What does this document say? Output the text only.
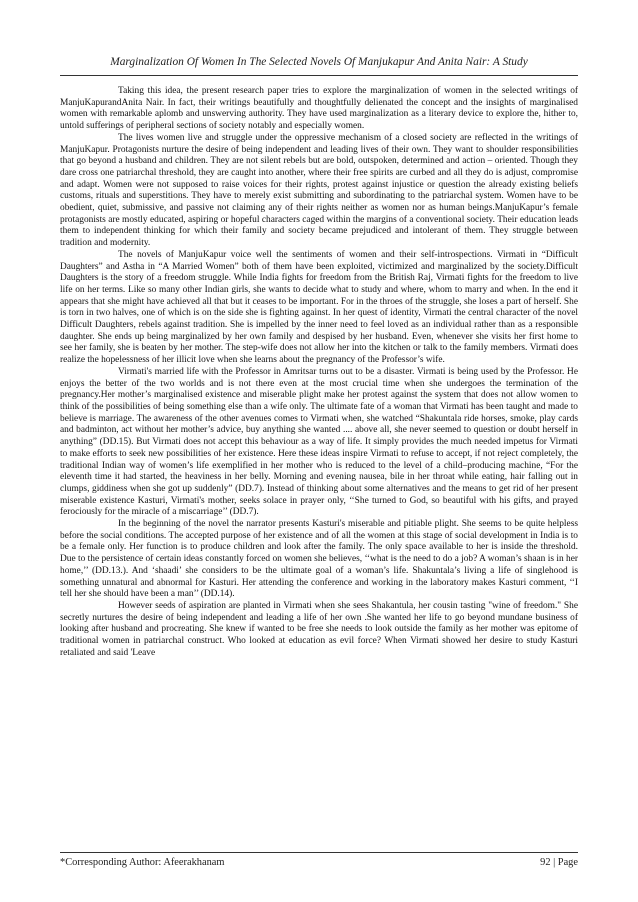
Marginalization Of Women In The Selected Novels Of Manjukapur And Anita Nair: A Study

Taking this idea, the present research paper tries to explore the marginalization of women in the selected writings of ManjuKapurandAnita Nair. In fact, their writings beautifully and thoughtfully delienated the concept and the insights of marginalised women with remarkable aplomb and unswerving authority. They have used marginalization as a literary device to explore the, hither to, untold sufferings of peripheral sections of society notably and especially women.

The lives women live and struggle under the oppressive mechanism of a closed society are reflected in the writings of ManjuKapur. Protagonists nurture the desire of being independent and leading lives of their own. They want to shoulder responsibilities that go beyond a husband and children. They are not silent rebels but are bold, outspoken, determined and action – oriented. Though they dare cross one patriarchal threshold, they are caught into another, where their free spirits are curbed and all they do is adjust, compromise and adapt. Women were not supposed to raise voices for their rights, protest against injustice or question the already existing beliefs customs, rituals and superstitions. They have to merely exist submitting and subordinating to the patriarchal system. Women have to be obedient, quiet, submissive, and passive not claiming any of their rights neither as women nor as human beings.ManjuKapur’s female protagonists are mostly educated, aspiring or hopeful characters caged within the margins of a conventional society. Their education leads them to independent thinking for which their family and society became prejudiced and intolerant of them. They struggle between tradition and modernity.

The novels of ManjuKapur voice well the sentiments of women and their self-introspections. Virmati in “Difficult Daughters” and Astha in “A Married Women” both of them have been exploited, victimized and marginalized by the society.Difficult Daughters is the story of a freedom struggle. While India fights for freedom from the British Raj, Virmati fights for the freedom to live life on her terms. Like so many other Indian girls, she wants to decide what to study and where, whom to marry and when. In the end it appears that she might have achieved all that but it ceases to be important. For in the throes of the struggle, she loses a part of herself. She is torn in two halves, one of which is on the side she is fighting against. In her quest of identity, Virmati the central character of the novel Difficult Daughters, rebels against tradition. She is impelled by the inner need to feel loved as an individual rather than as a responsible daughter. She ends up being marginalized by her own family and despised by her husband. Even, whenever she visits her first home to see her family, she is beaten by her mother. The step-wife does not allow her into the kitchen or talk to the family members. Virmati does realize the hopelessness of her illicit love when she learns about the pregnancy of the Professor’s wife.

Virmati's married life with the Professor in Amritsar turns out to be a disaster. Virmati is being used by the Professor. He enjoys the better of the two worlds and is not there even at the most crucial time when she undergoes the termination of the pregnancy.Her mother’s marginalised existence and miserable plight make her protest against the system that does not allow women to think of the possibilities of being something else than a wife only. The ultimate fate of a woman that Virmati has been taught and made to believe is marriage. The awareness of the other avenues comes to Virmati when, she watched “Shakuntala ride horses, smoke, play cards and badminton, act without her mother’s advice, buy anything she wanted .... above all, she never seemed to question or doubt herself in anything” (DD.15). But Virmati does not accept this behaviour as a way of life. It simply provides the much needed impetus for Virmati to make efforts to seek new possibilities of her existence. Here these ideas inspire Virmati to refuse to accept, if not reject completely, the traditional Indian way of women’s life exemplified in her mother who is reduced to the level of a child–producing machine, “For the eleventh time it had started, the heaviness in her belly. Morning and evening nausea, bile in her throat while eating, hair falling out in clumps, giddiness when she got up suddenly” (DD.7). Instead of thinking about some alternatives and the means to get rid of her present miserable existence Kasturi, Virmati's mother, seeks solace in prayer only, ‘‘She turned to God, so beautiful with his gifts, and prayed ferociously for the miracle of a miscarriage’’ (DD.7).

In the beginning of the novel the narrator presents Kasturi's miserable and pitiable plight. She seems to be quite helpless before the social conditions. The accepted purpose of her existence and of all the women at this stage of social development in India is to be a female only. Her function is to produce children and look after the family. The only space available to her is inside the threshold. Due to the persistence of certain ideas constantly forced on women she believes, ‘‘what is the need to do a job? A woman’s shaan is in her home,’’ (DD.13.). And ‘shaadi’ she considers to be the ultimate goal of a woman’s life. Shakuntala’s living a life of singlehood is something unnatural and abnormal for Kasturi. Her attending the conference and working in the laboratory makes Kasturi comment, ‘‘I tell her she should have been a man’’ (DD.14).

However seeds of aspiration are planted in Virmati when she sees Shakantula, her cousin tasting "wine of freedom." She secretly nurtures the desire of being independent and leading a life of her own .She wanted her life to go beyond mundane business of looking after husband and procreating. She knew if wanted to be free she needs to look outside the family as her mother was epitome of traditional women in patriarchal construct. Who looked at education as evil force? When Virmati showed her desire to study Kasturi retaliated and said 'Leave

*Corresponding Author: Afeerakhanam	92 | Page
